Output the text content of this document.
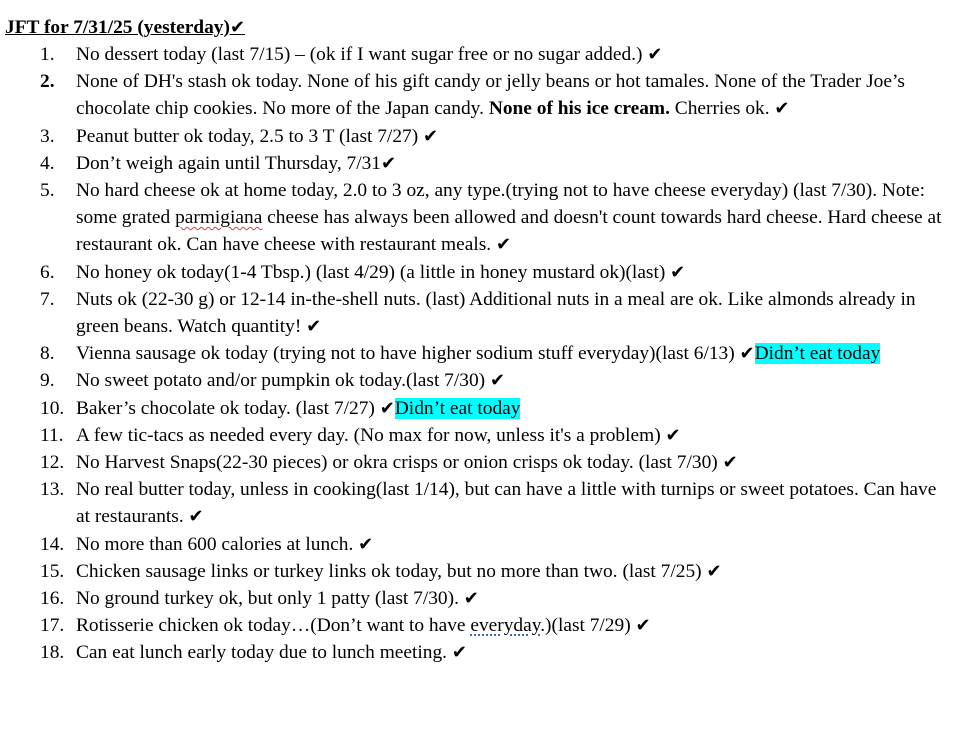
JFT for 7/31/25 (yesterday)✔
1.	No dessert today (last 7/15) – (ok if I want sugar free or no sugar added.) ✔
2.	None of DH's stash ok today. None of his gift candy or jelly beans or hot tamales. None of the Trader Joe’s chocolate chip cookies. No more of the Japan candy. None of his ice cream. Cherries ok. ✔
3.	Peanut butter ok today, 2.5 to 3 T (last 7/27) ✔
4.	Don’t weigh again until Thursday, 7/31✔
5.	No hard cheese ok at home today, 2.0 to 3 oz, any type.(trying not to have cheese everyday) (last 7/30). Note: some grated parmigiana cheese has always been allowed and doesn't count towards hard cheese. Hard cheese at restaurant ok. Can have cheese with restaurant meals. ✔
6.	No honey ok today(1-4 Tbsp.) (last 4/29) (a little in honey mustard ok)(last) ✔
7.	Nuts ok (22-30 g) or 12-14 in-the-shell nuts. (last) Additional nuts in a meal are ok. Like almonds already in green beans. Watch quantity! ✔
8.	Vienna sausage ok today (trying not to have higher sodium stuff everyday)(last 6/13) ✔Didn’t eat today
9.	No sweet potato and/or pumpkin ok today.(last 7/30) ✔
10. Baker’s chocolate ok today. (last 7/27) ✔Didn’t eat today
11. A few tic-tacs as needed every day. (No max for now, unless it's a problem) ✔
12. No Harvest Snaps(22-30 pieces) or okra crisps or onion crisps ok today. (last 7/30) ✔
13. No real butter today, unless in cooking(last 1/14), but can have a little with turnips or sweet potatoes. Can have at restaurants. ✔
14. No more than 600 calories at lunch. ✔
15. Chicken sausage links or turkey links ok today, but no more than two. (last 7/25) ✔
16. No ground turkey ok, but only 1 patty (last 7/30). ✔
17. Rotisserie chicken ok today…(Don’t want to have everyday.)(last 7/29) ✔
18. Can eat lunch early today due to lunch meeting. ✔
